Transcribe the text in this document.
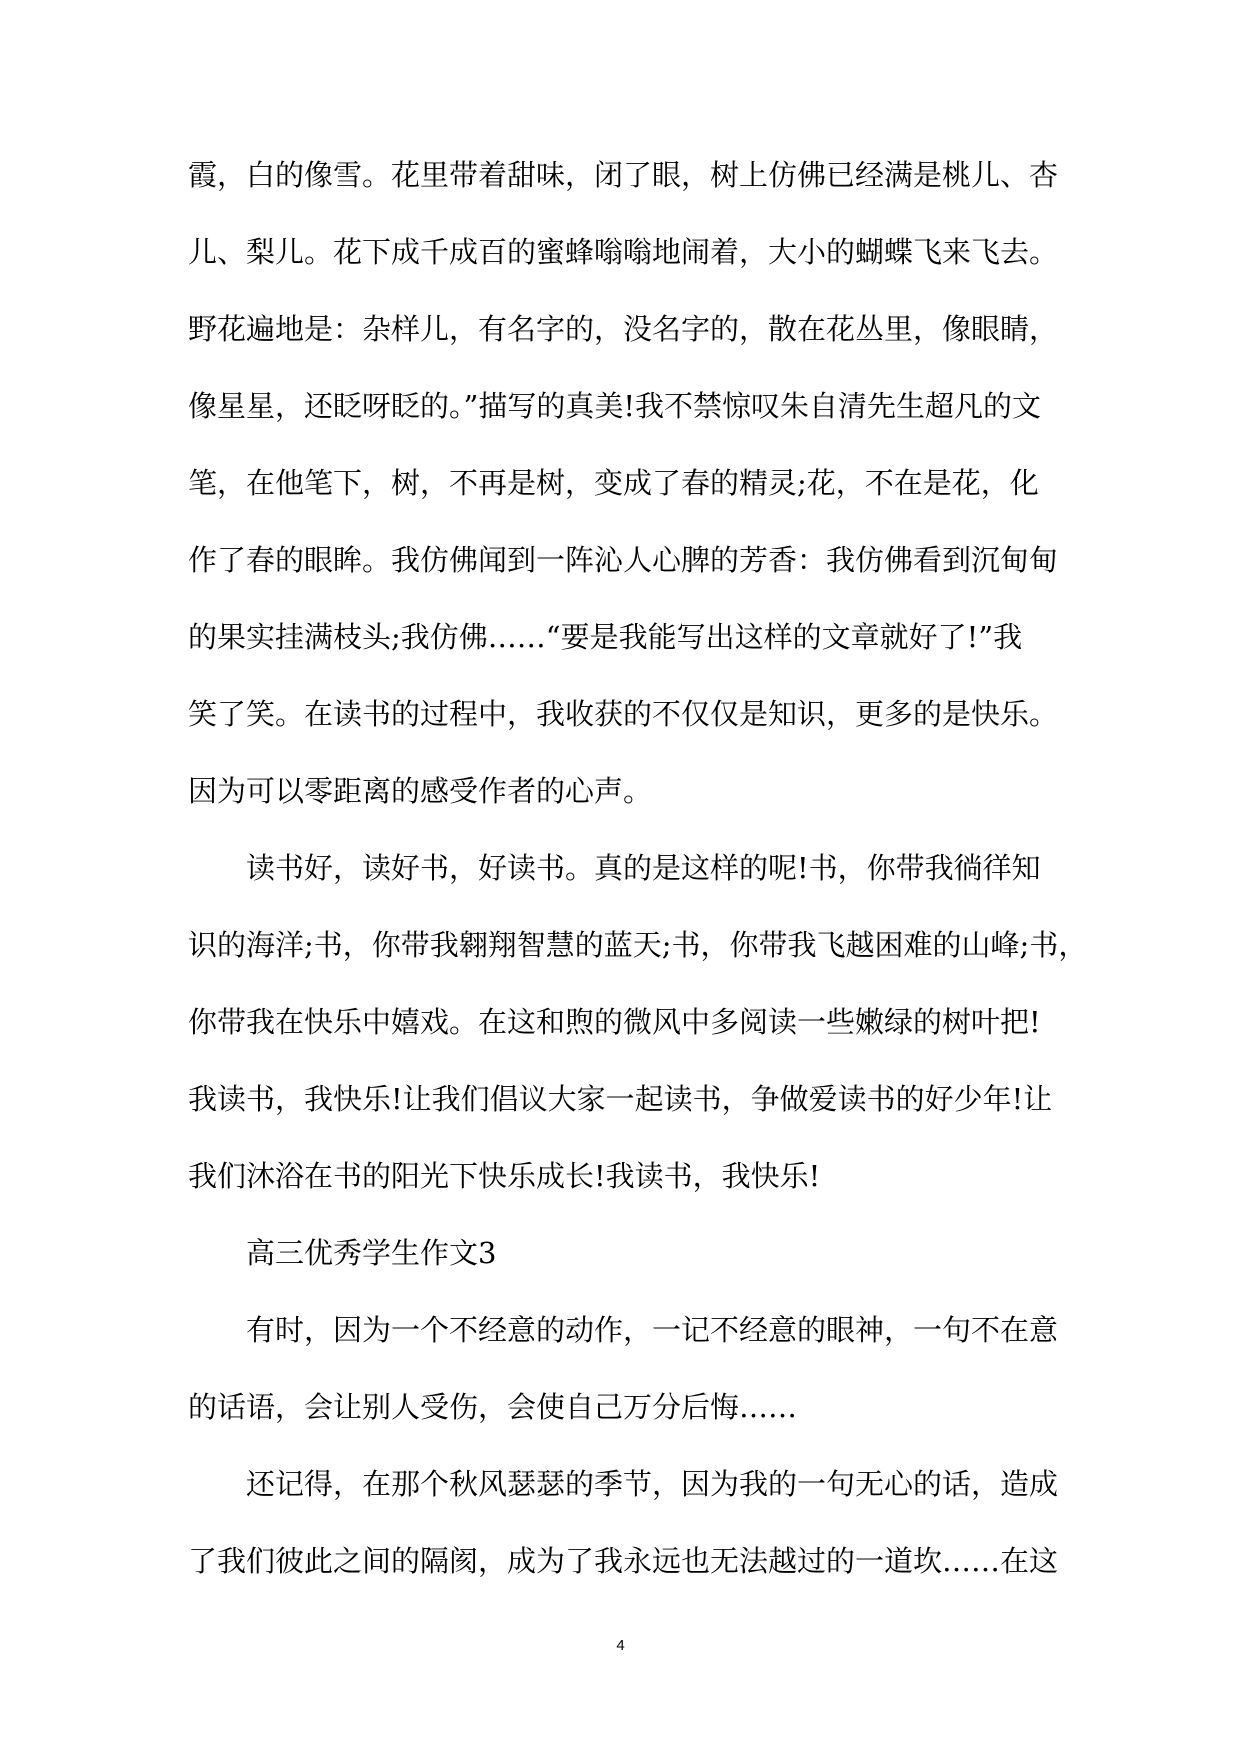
霞，白的像雪。花里带着甜味，闭了眼，树上仿佛已经满是桃儿、杏
儿、梨儿。花下成千成百的蜜蜂嗡嗡地闹着，大小的蝴蝶飞来飞去。
野花遍地是：杂样儿，有名字的，没名字的，散在花丛里，像眼睛，
像星星，还眨呀眨的。”描写的真美!我不禁惊叹朱自清先生超凡的文
笔，在他笔下，树，不再是树，变成了春的精灵;花，不在是花，化
作了春的眼眸。我仿佛闻到一阵沁人心脾的芳香：我仿佛看到沉甸甸
的果实挂满枝头;我仿佛……“要是我能写出这样的文章就好了!”我
笑了笑。在读书的过程中，我收获的不仅仅是知识，更多的是快乐。
因为可以零距离的感受作者的心声。
读书好，读好书，好读书。真的是这样的呢!书，你带我徜徉知
识的海洋;书，你带我翱翔智慧的蓝天;书，你带我飞越困难的山峰;书，
你带我在快乐中嬉戏。在这和煦的微风中多阅读一些嫩绿的树叶把!
我读书，我快乐!让我们倡议大家一起读书，争做爱读书的好少年!让
我们沐浴在书的阳光下快乐成长!我读书，我快乐!
高三优秀学生作文3
有时，因为一个不经意的动作，一记不经意的眼神，一句不在意
的话语，会让别人受伤，会使自己万分后悔……
还记得，在那个秋风瑟瑟的季节，因为我的一句无心的话，造成
了我们彼此之间的隔阂，成为了我永远也无法越过的一道坎……在这
4
